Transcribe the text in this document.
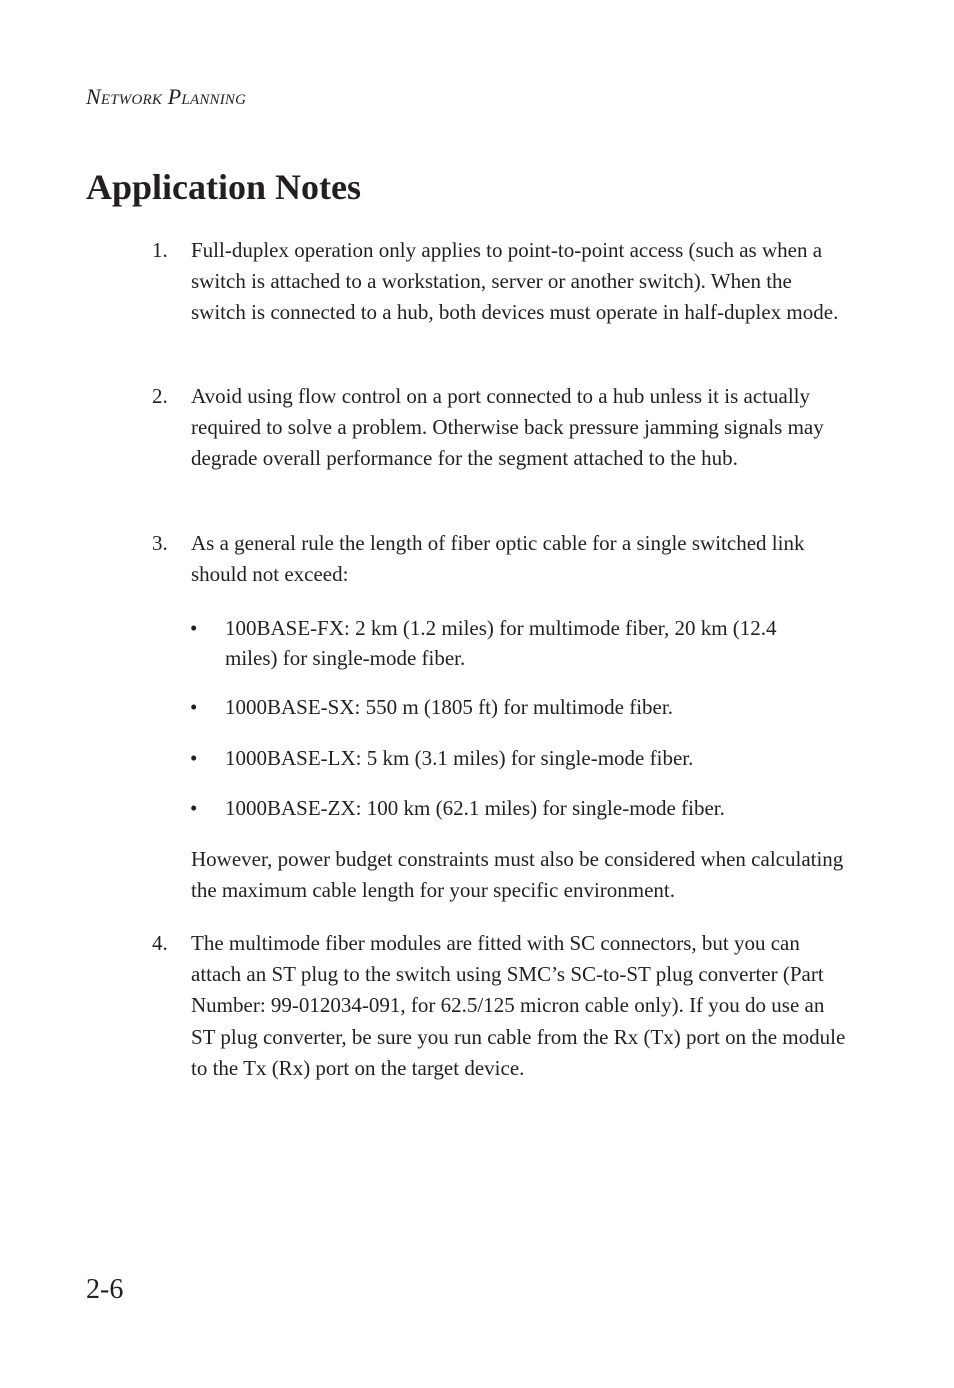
Network Planning
Application Notes
1.	Full-duplex operation only applies to point-to-point access (such as when a switch is attached to a workstation, server or another switch). When the switch is connected to a hub, both devices must operate in half-duplex mode.
2.	Avoid using flow control on a port connected to a hub unless it is actually required to solve a problem. Otherwise back pressure jamming signals may degrade overall performance for the segment attached to the hub.
3.	As a general rule the length of fiber optic cable for a single switched link should not exceed:
• 100BASE-FX: 2 km (1.2 miles) for multimode fiber, 20 km (12.4 miles) for single-mode fiber.
• 1000BASE-SX: 550 m (1805 ft) for multimode fiber.
• 1000BASE-LX: 5 km (3.1 miles) for single-mode fiber.
• 1000BASE-ZX: 100 km (62.1 miles) for single-mode fiber.
However, power budget constraints must also be considered when calculating the maximum cable length for your specific environment.
4.	The multimode fiber modules are fitted with SC connectors, but you can attach an ST plug to the switch using SMC’s SC-to-ST plug converter (Part Number: 99-012034-091, for 62.5/125 micron cable only). If you do use an ST plug converter, be sure you run cable from the Rx (Tx) port on the module to the Tx (Rx) port on the target device.
2-6
